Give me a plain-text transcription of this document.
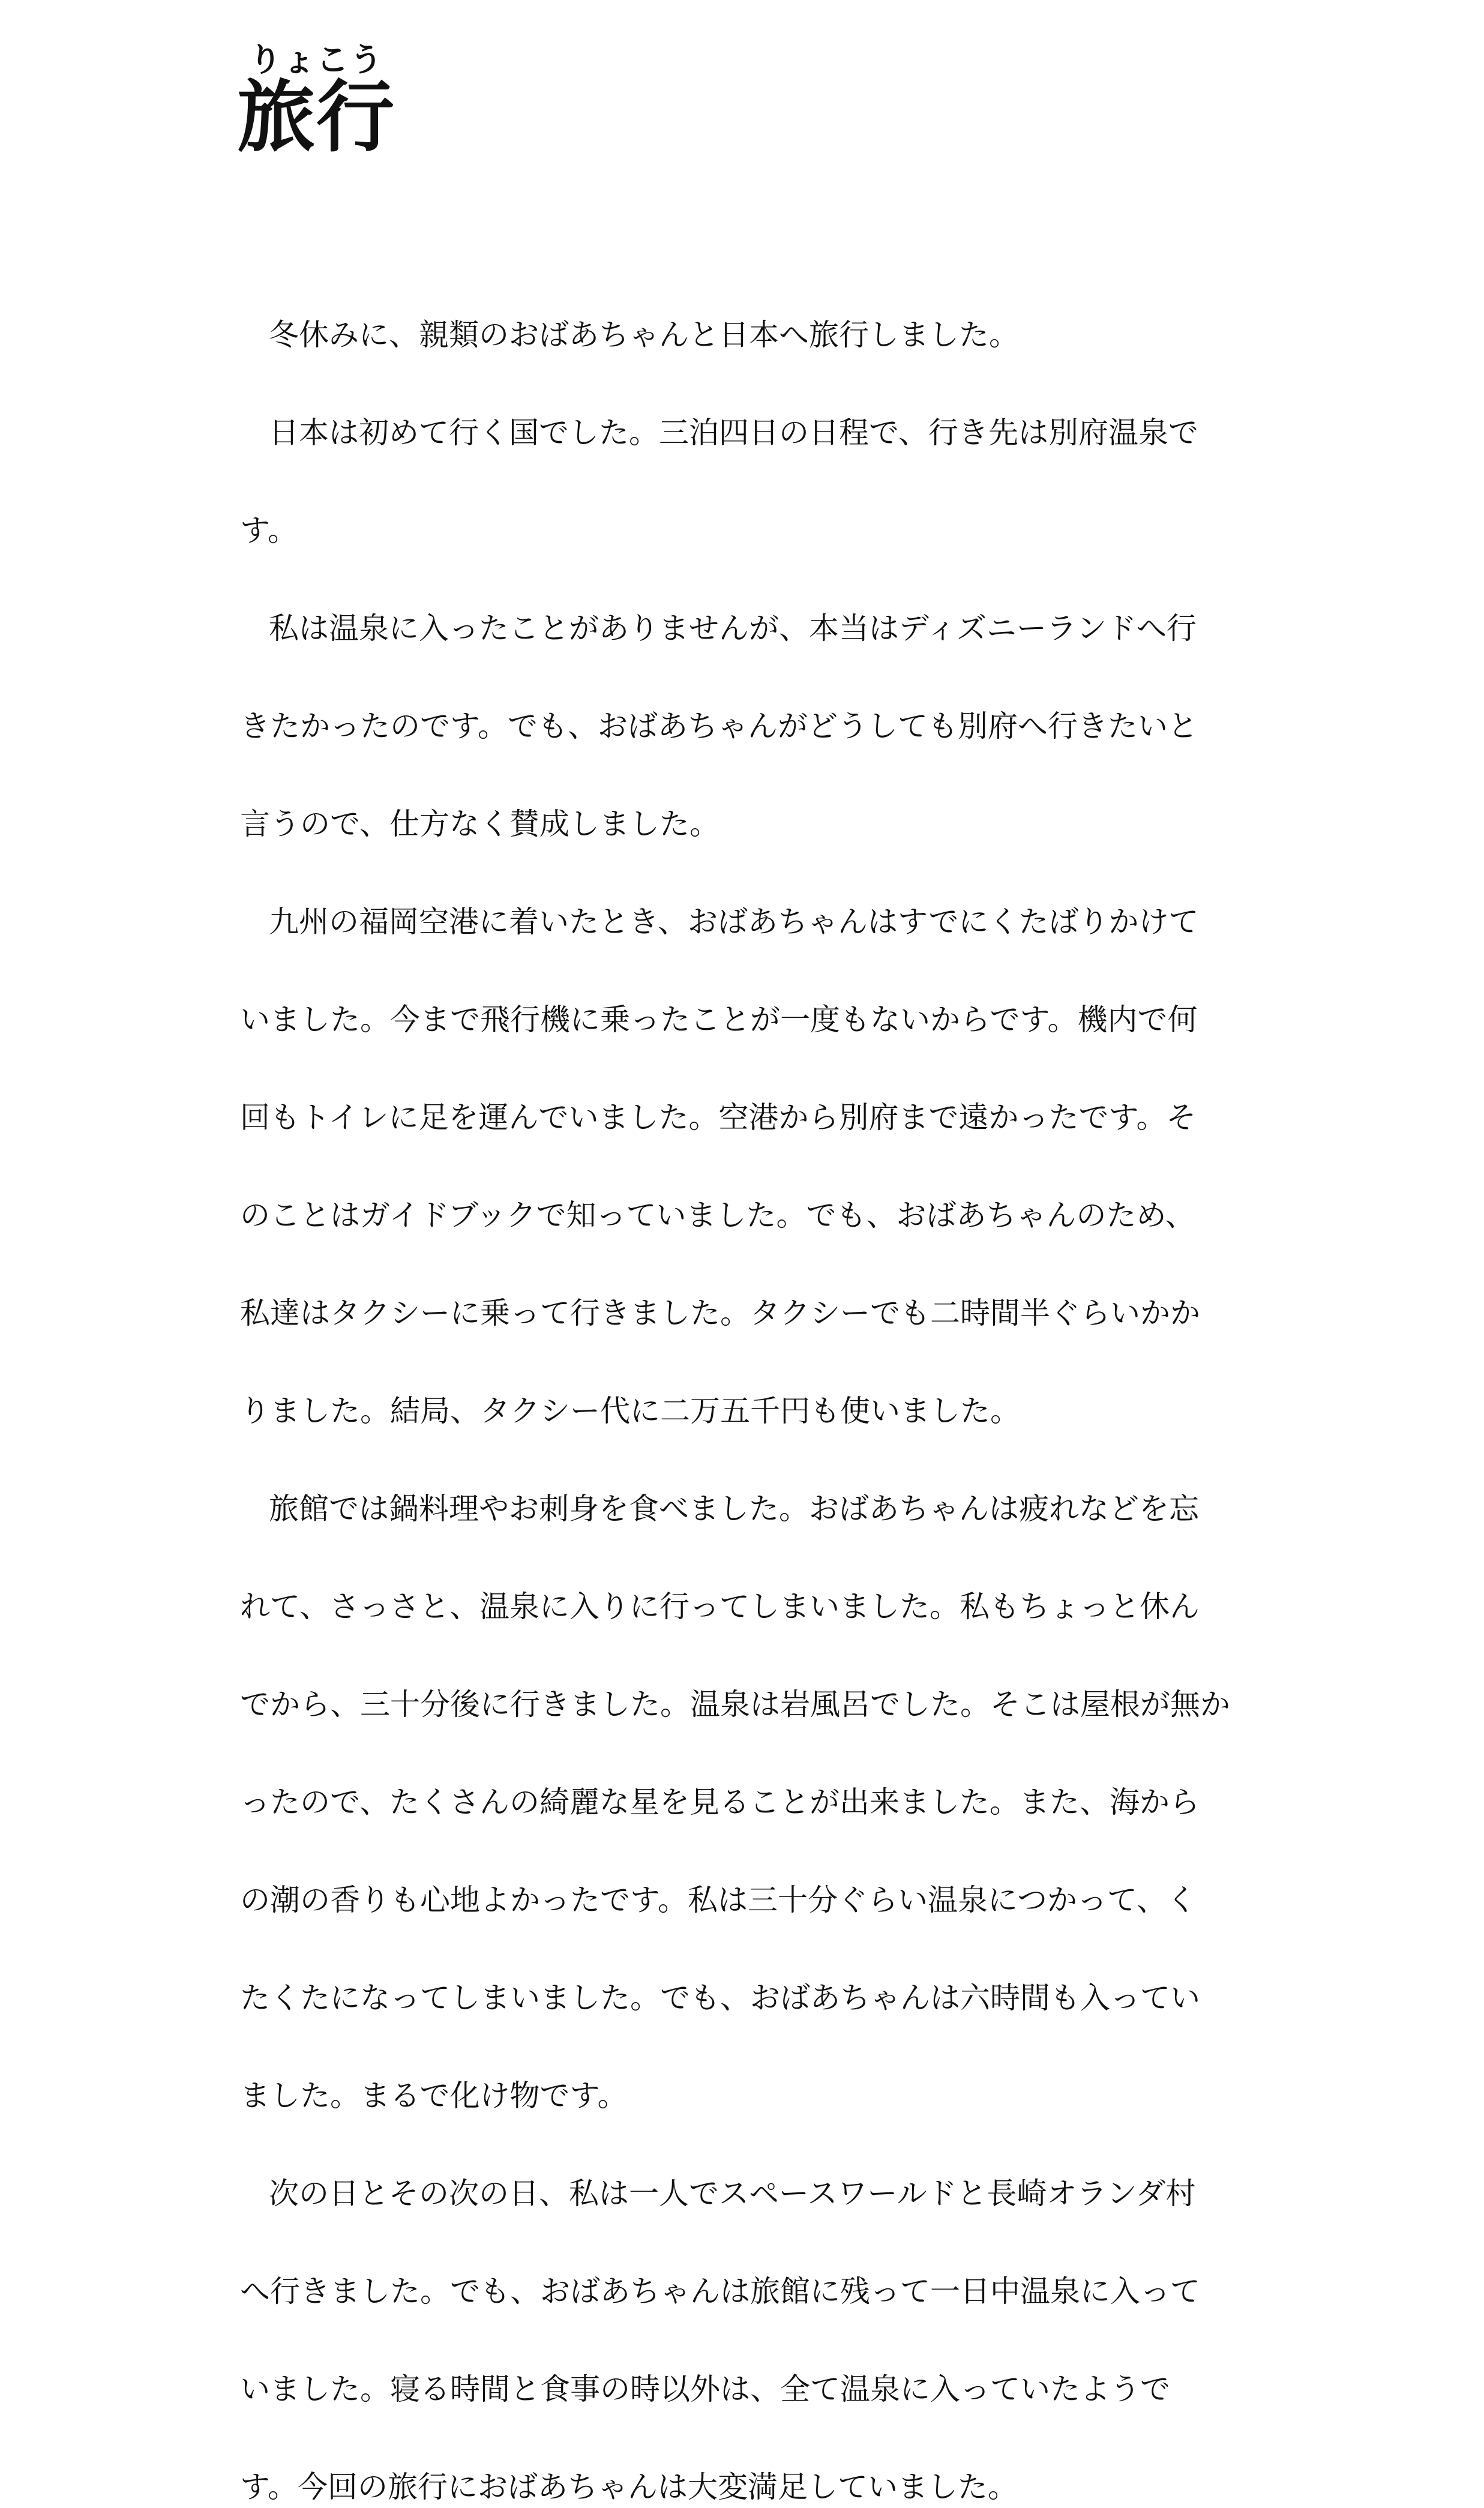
旅行りょこう
冬休みに、親類のおばあちゃんと日本へ旅行しました。
日本は初めて行く国でした。三泊四日の日程で、行き先は別府温泉で
す。
私は温泉に入ったことがありませんが、本当はディズニーランドへ行
きたかったのです。でも、おばあちゃんがどうしても別府へ行きたいと
言うので、仕方なく賛成しました。
九州の福岡空港に着いたとき、おばあちゃんはすでにくたばりかけて
いました。今まで飛行機に乗ったことが一度もないからです。機内で何
回もトイレに足を運んでいました。空港から別府まで遠かったです。そ
のことはガイドブックで知っていました。でも、おばあちゃんのため、
私達はタクシーに乗って行きました。タクシーでも二時間半ぐらいかか
りました。結局、タクシー代に二万五千円も使いました。
旅館では鍋料理やお刺身を食べました。おばあちゃんは疲れなどを忘
れて、さっさと、温泉に入りに行ってしまいました。私もちょっと休ん
でから、三十分後に行きました。温泉は岩風呂でした。そこは屋根が無か
ったので、たくさんの綺麗な星を見ることが出来ました。また、海から
の潮の香りも心地よかったです。私は三十分ぐらい温泉につかって、く
たくたになってしまいました。でも、おばあちゃんは六時間も入ってい
ました。まるで化け物です。
次の日とその次の日、私は一人でスペースワールドと長崎オランダ村
へ行きました。でも、おばあちゃんは旅館に残って一日中温泉に入って
いました。寝る時間と食事の時以外は、全て温泉に入っていたようで
す。今回の旅行におばあちゃんは大変満足していました。
